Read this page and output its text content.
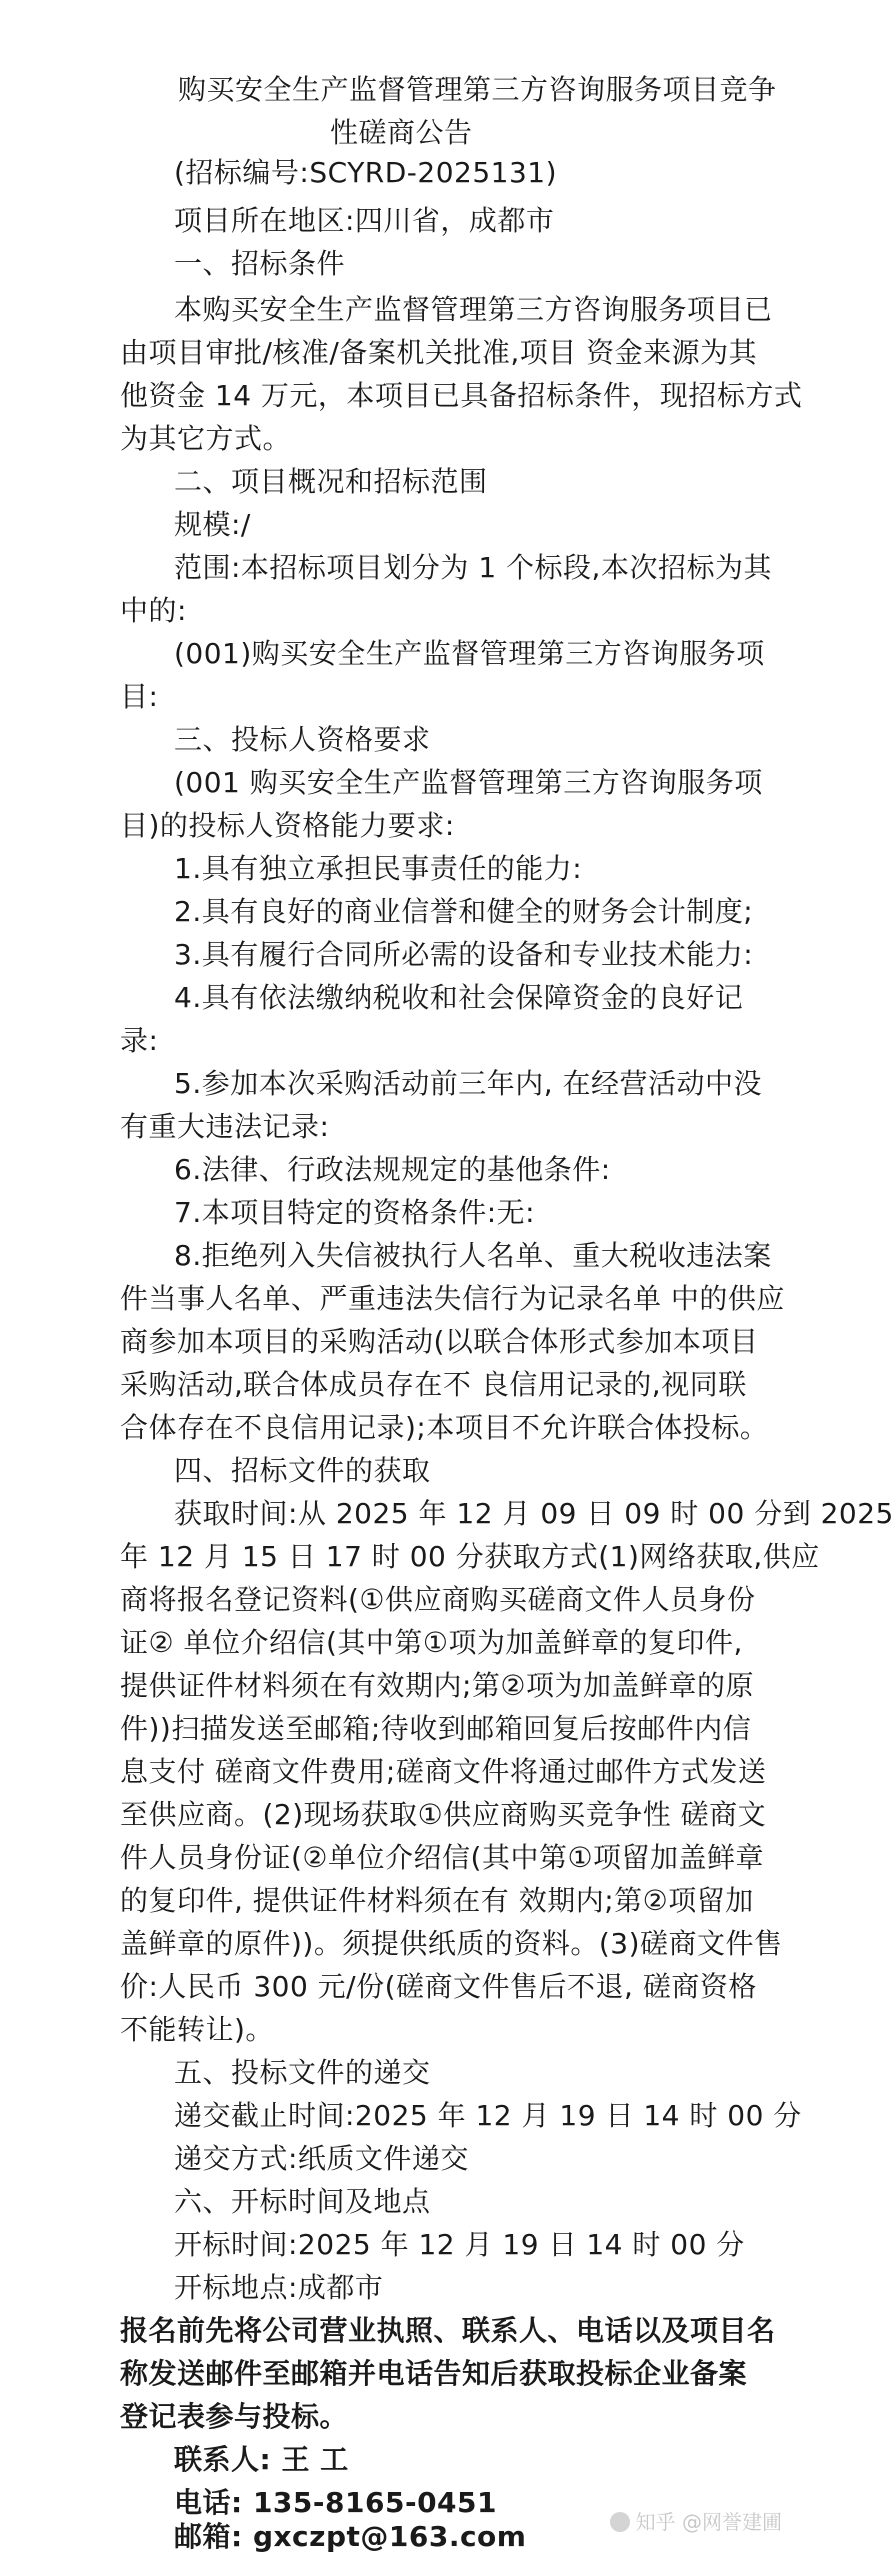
购买安全生产监督管理第三方咨询服务项目竞争

性磋商公告

(招标编号:SCYRD-2025131)

项目所在地区:四川省，成都市

一、招标条件

本购买安全生产监督管理第三方咨询服务项目已

由项目审批/核准/备案机关批准,项目 资金来源为其

他资金 14 万元，本项目已具备招标条件，现招标方式

为其它方式。

二、项目概况和招标范围

规模:/

范围:本招标项目划分为 1 个标段,本次招标为其

中的:

(001)购买安全生产监督管理第三方咨询服务项

目:

三、投标人资格要求

(001 购买安全生产监督管理第三方咨询服务项

目)的投标人资格能力要求:

1.具有独立承担民事责任的能力:

2.具有良好的商业信誉和健全的财务会计制度;

3.具有履行合同所必需的设备和专业技术能力:

4.具有依法缴纳税收和社会保障资金的良好记

录:

5.参加本次采购活动前三年内, 在经营活动中没

有重大违法记录:

6.法律、行政法规规定的基他条件:

7.本项目特定的资格条件:无:

8.拒绝列入失信被执行人名单、重大税收违法案

件当事人名单、严重违法失信行为记录名单 中的供应

商参加本项目的采购活动(以联合体形式参加本项目

采购活动,联合体成员存在不 良信用记录的,视同联

合体存在不良信用记录);本项目不允许联合体投标。

四、招标文件的获取

获取时间:从 2025 年 12 月 09 日 09 时 00 分到 2025

年 12 月 15 日 17 时 00 分获取方式(1)网络获取,供应

商将报名登记资料(①供应商购买磋商文件人员身份

证② 单位介绍信(其中第①项为加盖鲜章的复印件,

提供证件材料须在有效期内;第②项为加盖鲜章的原

件))扫描发送至邮箱;待收到邮箱回复后按邮件内信

息支付 磋商文件费用;磋商文件将通过邮件方式发送

至供应商。(2)现场获取①供应商购买竞争性 磋商文

件人员身份证(②单位介绍信(其中第①项留加盖鲜章

的复印件, 提供证件材料须在有 效期内;第②项留加

盖鲜章的原件))。须提供纸质的资料。(3)磋商文件售

价:人民币 300 元/份(磋商文件售后不退, 磋商资格

不能转让)。

五、投标文件的递交

递交截止时间:2025 年 12 月 19 日 14 时 00 分

递交方式:纸质文件递交

六、开标时间及地点

开标时间:2025 年 12 月 19 日 14 时 00 分

开标地点:成都市

报名前先将公司营业执照、联系人、电话以及项目名

称发送邮件至邮箱并电话告知后获取投标企业备案

登记表参与投标。

联系人: 王 工

电话: 135-8165-0451

邮箱: gxczpt@163.com	知乎 @网誉建圃
